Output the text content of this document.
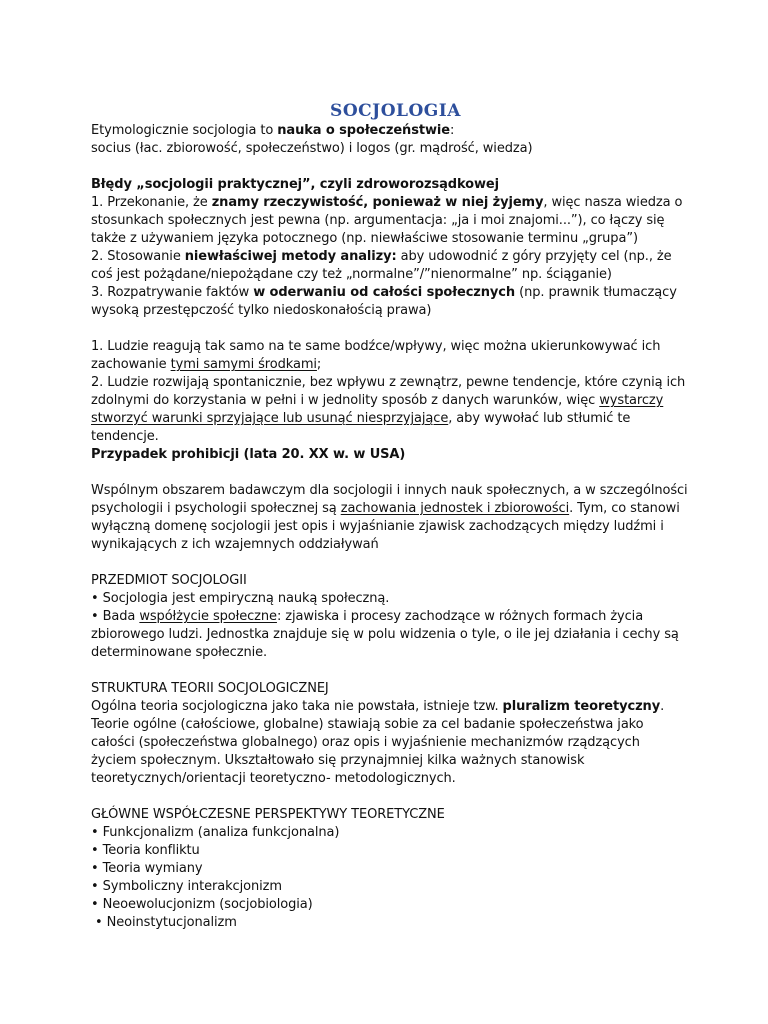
SOCJOLOGIA

Etymologicznie socjologia to nauka o społeczeństwie:

socius (łac. zbiorowość, społeczeństwo) i logos (gr. mądrość, wiedza)

Błędy „socjologii praktycznej”, czyli zdroworozsądkowej

1. Przekonanie, że znamy rzeczywistość, ponieważ w niej żyjemy, więc nasza wiedza o stosunkach społecznych jest pewna (np. argumentacja: „ja i moi znajomi...”), co łączy się także z używaniem języka potocznego (np. niewłaściwe stosowanie terminu „grupa”)

2. Stosowanie niewłaściwej metody analizy: aby udowodnić z góry przyjęty cel (np., że coś jest pożądane/niepożądane czy też „normalne”/”nienormalne” np. ściąganie)

3. Rozpatrywanie faktów w oderwaniu od całości społecznych (np. prawnik tłumaczący wysoką przestępczość tylko niedoskonałością prawa)

1. Ludzie reagują tak samo na te same bodźce/wpływy, więc można ukierunkowywać ich zachowanie tymi samymi środkami;

2. Ludzie rozwijają spontanicznie, bez wpływu z zewnątrz, pewne tendencje, które czynią ich zdolnymi do korzystania w pełni i w jednolity sposób z danych warunków, więc wystarczy stworzyć warunki sprzyjające lub usunąć niesprzyjające, aby wywołać lub stłumić te tendencje.

Przypadek prohibicji (lata 20. XX w. w USA)

Wspólnym obszarem badawczym dla socjologii i innych nauk społecznych, a w szczególności psychologii i psychologii społecznej są zachowania jednostek i zbiorowości. Tym, co stanowi wyłączną domenę socjologii jest opis i wyjaśnianie zjawisk zachodzących między ludźmi i wynikających z ich wzajemnych oddziaływań

PRZEDMIOT SOCJOLOGII

• Socjologia jest empiryczną nauką społeczną.

• Bada współżycie społeczne: zjawiska i procesy zachodzące w różnych formach życia zbiorowego ludzi. Jednostka znajduje się w polu widzenia o tyle, o ile jej działania i cechy są determinowane społecznie.

STRUKTURA TEORII SOCJOLOGICZNEJ

Ogólna teoria socjologiczna jako taka nie powstała, istnieje tzw. pluralizm teoretyczny. Teorie ogólne (całościowe, globalne) stawiają sobie za cel badanie społeczeństwa jako całości (społeczeństwa globalnego) oraz opis i wyjaśnienie mechanizmów rządzących życiem społecznym. Ukształtowało się przynajmniej kilka ważnych stanowisk teoretycznych/orientacji teoretyczno- metodologicznych.

GŁÓWNE WSPÓŁCZESNE PERSPEKTYWY TEORETYCZNE

• Funkcjonalizm (analiza funkcjonalna)

• Teoria konfliktu

• Teoria wymiany

• Symboliczny interakcjonizm

• Neoewolucjonizm (socjobiologia)

• Neoinstytucjonalizm
